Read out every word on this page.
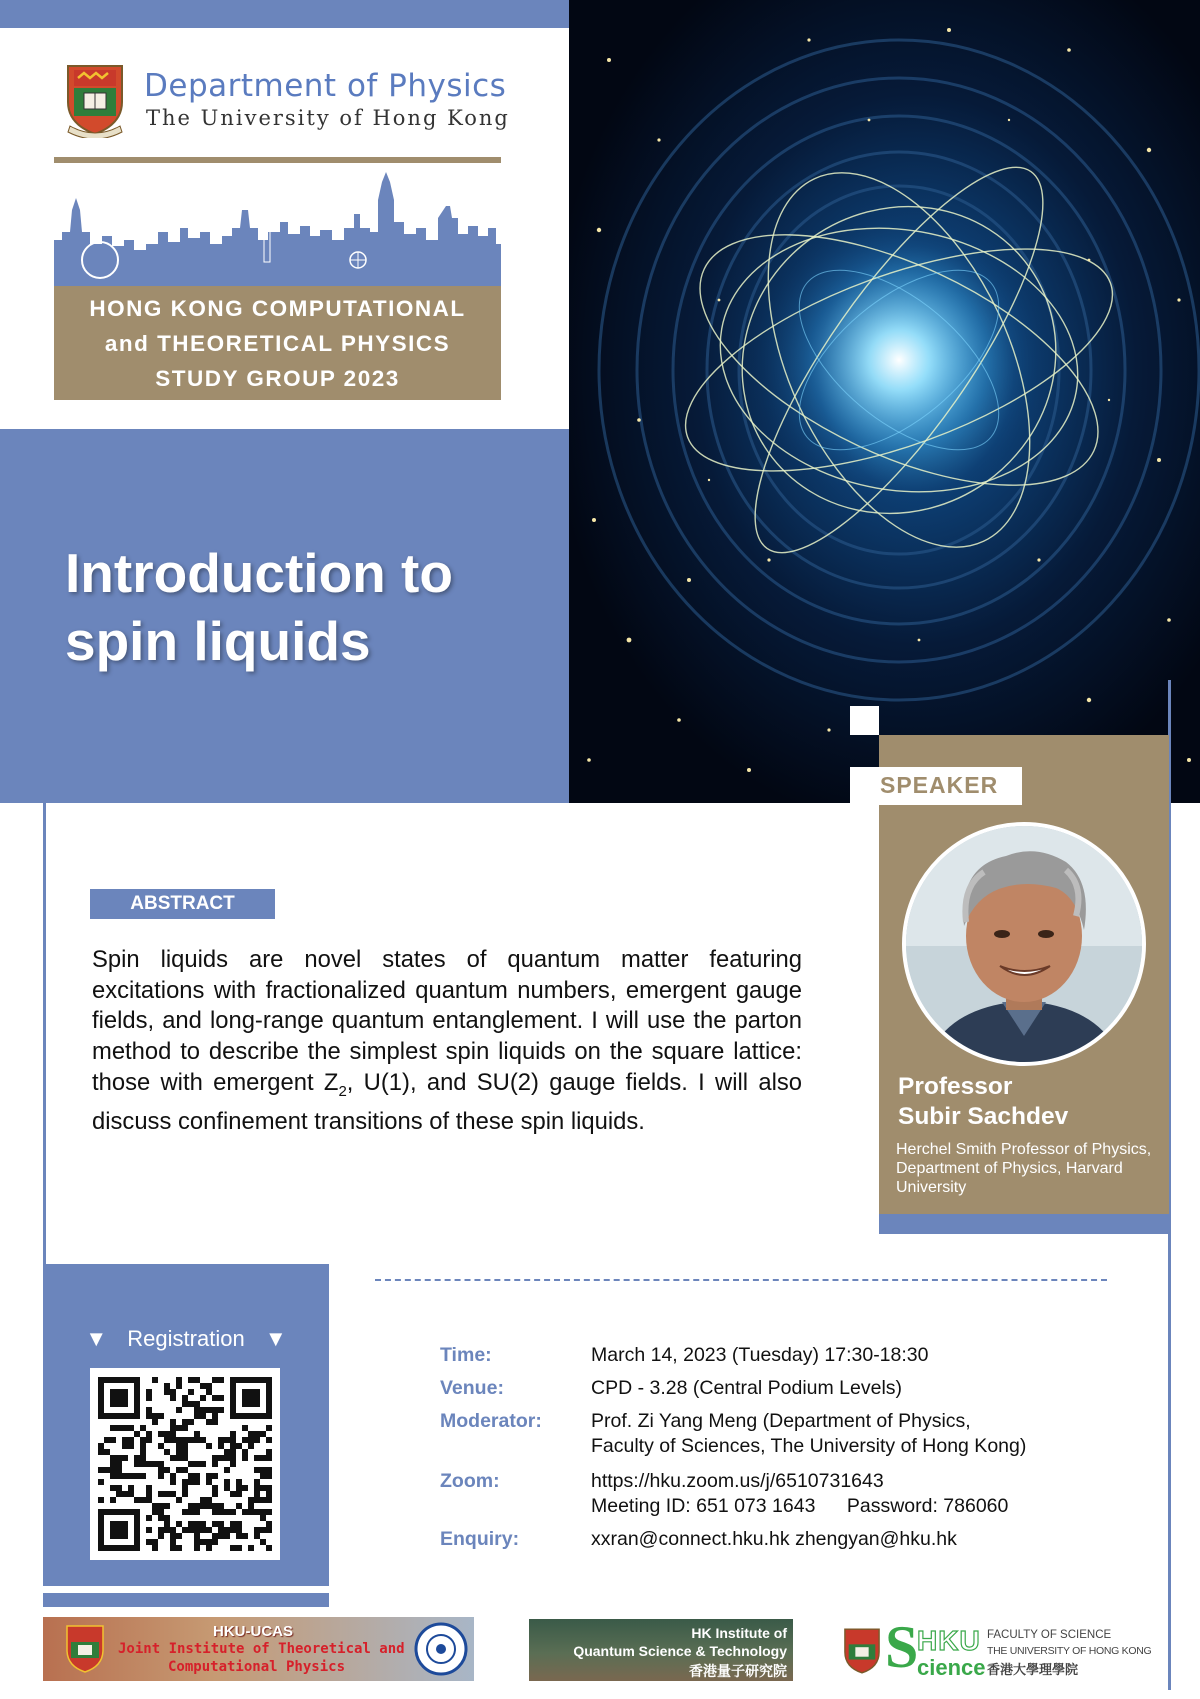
Department of Physics
The University of Hong Kong
HONG KONG COMPUTATIONAL
and THEORETICAL PHYSICS
STUDY GROUP 2023
Introduction to
spin liquids
SPEAKER
Professor
Subir Sachdev
Herchel Smith Professor of Physics, Department of Physics, Harvard University
ABSTRACT
Spin liquids are novel states of quantum matter featuring excitations with fractionalized quantum numbers, emergent gauge fields, and long-range quantum entanglement. I will use the parton method to describe the simplest spin liquids on the square lattice: those with emergent $Z_2$, U(1), and SU(2) gauge fields. I will also discuss confinement transitions of these spin liquids.
▼ Registration ▼
Time:	March 14, 2023 (Tuesday) 17:30-18:30
Venue:	CPD - 3.28 (Central Podium Levels)
Moderator:	Prof. Zi Yang Meng (Department of Physics,
Faculty of Sciences, The University of Hong Kong)
Zoom:	https://hku.zoom.us/j/6510731643
Meeting ID: 651 073 1643 Password: 786060
Enquiry:	xxran@connect.hku.hk zhengyan@hku.hk
HKU-UCAS
Joint Institute of Theoretical and
Computational Physics
HK Institute of
Quantum Science & Technology
香港量子研究院 S
HKU
cience
FACULTY OF SCIENCE
THE UNIVERSITY OF HONG KONG
香港大學理學院
